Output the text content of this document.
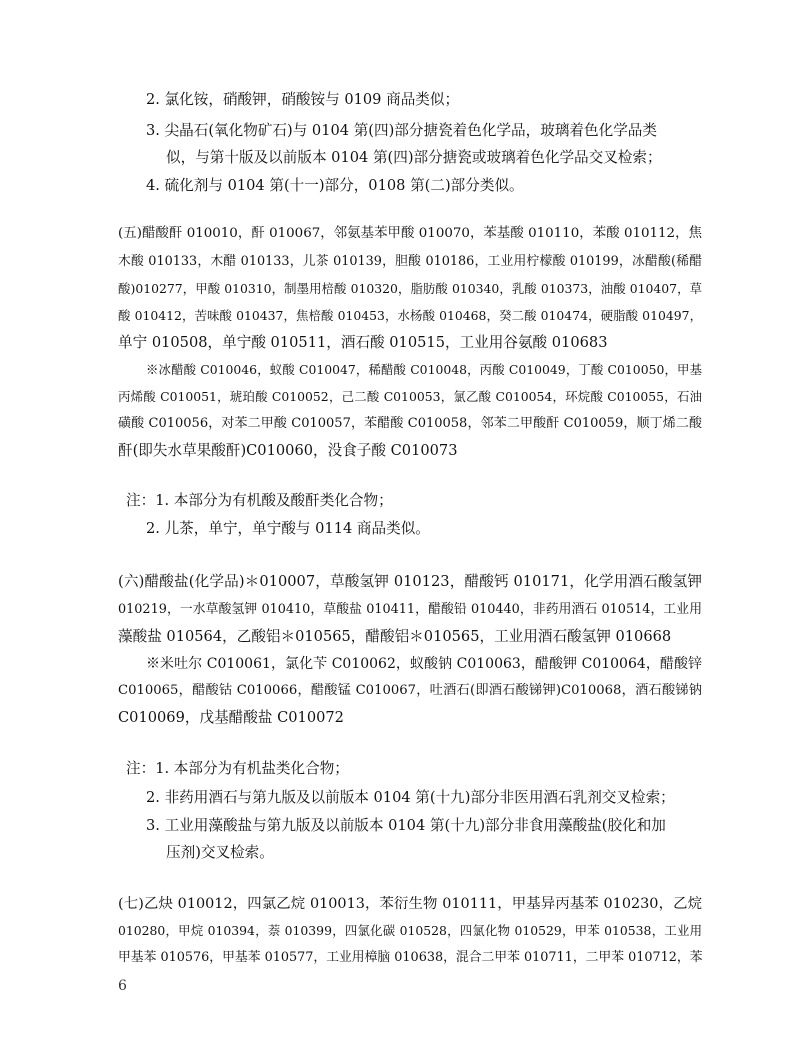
2. 氯化铵，硝酸钾，硝酸铵与 0109 商品类似；
3. 尖晶石(氧化物矿石)与 0104 第(四)部分搪瓷着色化学品，玻璃着色化学品类
似，与第十版及以前版本 0104 第(四)部分搪瓷或玻璃着色化学品交叉检索；
4. 硫化剂与 0104 第(十一)部分，0108 第(二)部分类似。
(五)醋酸酐 010010，酐 010067，邻氨基苯甲酸 010070，苯基酸 010110，苯酸 010112，焦
木酸 010133，木醋 010133，儿茶 010139，胆酸 010186，工业用柠檬酸 010199，冰醋酸(稀醋
酸)010277，甲酸 010310，制墨用棓酸 010320，脂肪酸 010340，乳酸 010373，油酸 010407，草
酸 010412，苦味酸 010437，焦棓酸 010453，水杨酸 010468，癸二酸 010474，硬脂酸 010497，
单宁 010508，单宁酸 010511，酒石酸 010515，工业用谷氨酸 010683
※冰醋酸 C010046，蚁酸 C010047，稀醋酸 C010048，丙酸 C010049，丁酸 C010050，甲基
丙烯酸 C010051，琥珀酸 C010052，己二酸 C010053，氯乙酸 C010054，环烷酸 C010055，石油
磺酸 C010056，对苯二甲酸 C010057，苯醋酸 C010058，邻苯二甲酸酐 C010059，顺丁烯二酸
酐(即失水草果酸酐)C010060，没食子酸 C010073
注：1. 本部分为有机酸及酸酐类化合物；
2. 儿茶，单宁，单宁酸与 0114 商品类似。
(六)醋酸盐(化学品)＊010007，草酸氢钾 010123，醋酸钙 010171，化学用酒石酸氢钾
010219，一水草酸氢钾 010410，草酸盐 010411，醋酸铅 010440，非药用酒石 010514，工业用
藻酸盐 010564，乙酸铝＊010565，醋酸铝＊010565，工业用酒石酸氢钾 010668
※米吐尔 C010061，氯化苄 C010062，蚁酸钠 C010063，醋酸钾 C010064，醋酸锌
C010065，醋酸钴 C010066，醋酸锰 C010067，吐酒石(即酒石酸锑钾)C010068，酒石酸锑钠
C010069，戊基醋酸盐 C010072
注：1. 本部分为有机盐类化合物；
2. 非药用酒石与第九版及以前版本 0104 第(十九)部分非医用酒石乳剂交叉检索；
3. 工业用藻酸盐与第九版及以前版本 0104 第(十九)部分非食用藻酸盐(胶化和加
压剂)交叉检索。
(七)乙炔 010012，四氯乙烷 010013，苯衍生物 010111，甲基异丙基苯 010230，乙烷
010280，甲烷 010394，萘 010399，四氯化碳 010528，四氯化物 010529，甲苯 010538，工业用
甲基苯 010576，甲基苯 010577，工业用樟脑 010638，混合二甲苯 010711，二甲苯 010712，苯
6
